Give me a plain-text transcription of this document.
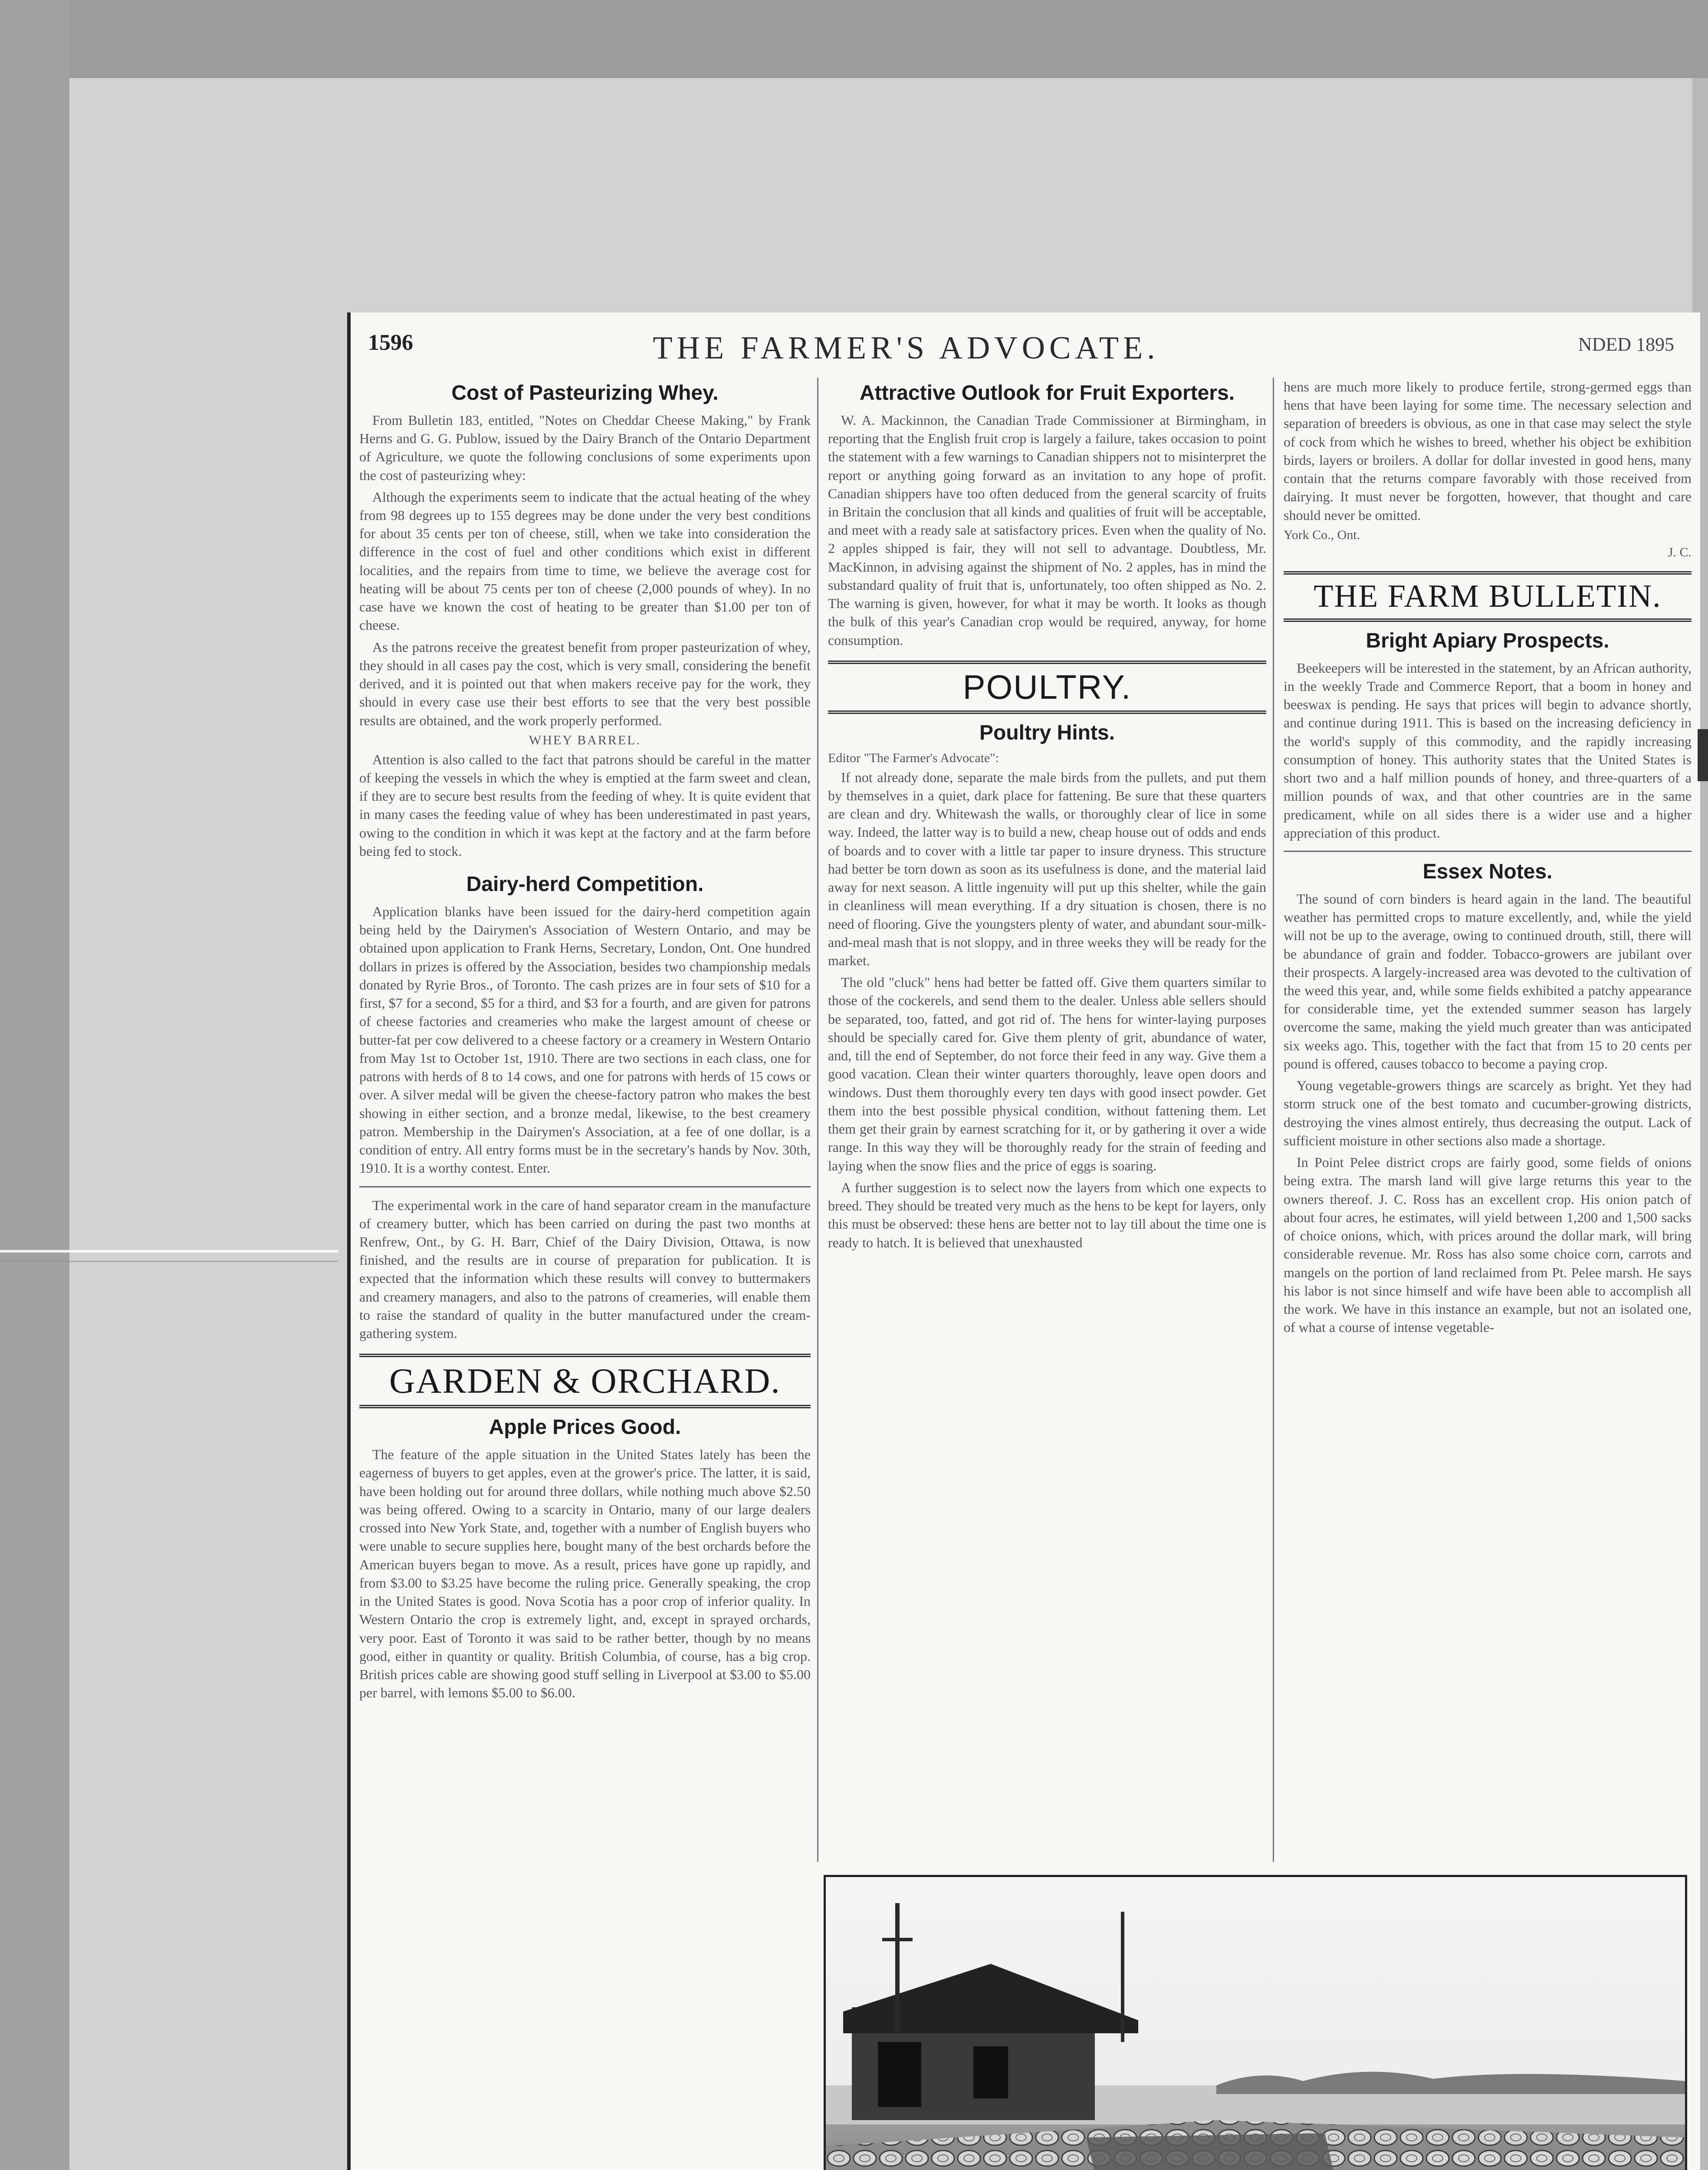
1596	THE FARMER'S ADVOCATE.	NDED 1895
Cost of Pasteurizing Whey.

From Bulletin 183, entitled, "Notes on Cheddar Cheese Making," by Frank Herns and G. G. Publow, issued by the Dairy Branch of the Ontario Department of Agriculture, we quote the following conclusions of some experiments upon the cost of pasteurizing whey:

Although the experiments seem to indicate that the actual heating of the whey from 98 degrees up to 155 degrees may be done under the very best conditions for about 35 cents per ton of cheese, still, when we take into consideration the difference in the cost of fuel and other conditions which exist in different localities, and the repairs from time to time, we believe the average cost for heating will be about 75 cents per ton of cheese (2,000 pounds of whey). In no case have we known the cost of heating to be greater than $1.00 per ton of cheese.

As the patrons receive the greatest benefit from proper pasteurization of whey, they should in all cases pay the cost, which is very small, considering the benefit derived, and it is pointed out that when makers receive pay for the work, they should in every case use their best efforts to see that the very best possible results are obtained, and the work properly performed.

WHEY BARREL.

Attention is also called to the fact that patrons should be careful in the matter of keeping the vessels in which the whey is emptied at the farm sweet and clean, if they are to secure best results from the feeding of whey. It is quite evident that in many cases the feeding value of whey has been underestimated in past years, owing to the condition in which it was kept at the factory and at the farm before being fed to stock.

Dairy-herd Competition.

Application blanks have been issued for the dairy-herd competition again being held by the Dairymen's Association of Western Ontario, and may be obtained upon application to Frank Herns, Secretary, London, Ont. One hundred dollars in prizes is offered by the Association, besides two championship medals donated by Ryrie Bros., of Toronto. The cash prizes are in four sets of $10 for a first, $7 for a second, $5 for a third, and $3 for a fourth, and are given for patrons of cheese factories and creameries who make the largest amount of cheese or butter-fat per cow delivered to a cheese factory or a creamery in Western Ontario from May 1st to October 1st, 1910. There are two sections in each class, one for patrons with herds of 8 to 14 cows, and one for patrons with herds of 15 cows or over. A silver medal will be given the cheese-factory patron who makes the best showing in either section, and a bronze medal, likewise, to the best creamery patron. Membership in the Dairymen's Association, at a fee of one dollar, is a condition of entry. All entry forms must be in the secretary's hands by Nov. 30th, 1910. It is a worthy contest. Enter.

The experimental work in the care of hand separator cream in the manufacture of creamery butter, which has been carried on during the past two months at Renfrew, Ont., by G. H. Barr, Chief of the Dairy Division, Ottawa, is now finished, and the results are in course of preparation for publication. It is expected that the information which these results will convey to buttermakers and creamery managers, and also to the patrons of creameries, will enable them to raise the standard of quality in the butter manufactured under the cream-gathering system.

GARDEN & ORCHARD.
Apple Prices Good.

The feature of the apple situation in the United States lately has been the eagerness of buyers to get apples, even at the grower's price. The latter, it is said, have been holding out for around three dollars, while nothing much above $2.50 was being offered. Owing to a scarcity in Ontario, many of our large dealers crossed into New York State, and, together with a number of English buyers who were unable to secure supplies here, bought many of the best orchards before the American buyers began to move. As a result, prices have gone up rapidly, and from $3.00 to $3.25 have become the ruling price. Generally speaking, the crop in the United States is good. Nova Scotia has a poor crop of inferior quality. In Western Ontario the crop is extremely light, and, except in sprayed orchards, very poor. East of Toronto it was said to be rather better, though by no means good, either in quantity or quality. British Columbia, of course, has a big crop. British prices cable are showing good stuff selling in Liverpool at $3.00 to $5.00 per barrel, with lemons $5.00 to $6.00.

Attractive Outlook for Fruit Exporters.

W. A. Mackinnon, the Canadian Trade Commissioner at Birmingham, in reporting that the English fruit crop is largely a failure, takes occasion to point the statement with a few warnings to Canadian shippers not to misinterpret the report or anything going forward as an invitation to any hope of profit. Canadian shippers have too often deduced from the general scarcity of fruits in Britain the conclusion that all kinds and qualities of fruit will be acceptable, and meet with a ready sale at satisfactory prices. Even when the quality of No. 2 apples shipped is fair, they will not sell to advantage. Doubtless, Mr. MacKinnon, in advising against the shipment of No. 2 apples, has in mind the substandard quality of fruit that is, unfortunately, too often shipped as No. 2. The warning is given, however, for what it may be worth. It looks as though the bulk of this year's Canadian crop would be required, anyway, for home consumption.

POULTRY.
Poultry Hints.
Editor "The Farmer's Advocate":

If not already done, separate the male birds from the pullets, and put them by themselves in a quiet, dark place for fattening. Be sure that these quarters are clean and dry. Whitewash the walls, or thoroughly clear of lice in some way. Indeed, the latter way is to build a new, cheap house out of odds and ends of boards and to cover with a little tar paper to insure dryness. This structure had better be torn down as soon as its usefulness is done, and the material laid away for next season. A little ingenuity will put up this shelter, while the gain in cleanliness will mean everything. If a dry situation is chosen, there is no need of flooring. Give the youngsters plenty of water, and abundant sour-milk-and-meal mash that is not sloppy, and in three weeks they will be ready for the market.

The old "cluck" hens had better be fatted off. Give them quarters similar to those of the cockerels, and send them to the dealer. Unless able sellers should be separated, too, fatted, and got rid of. The hens for winter-laying purposes should be specially cared for. Give them plenty of grit, abundance of water, and, till the end of September, do not force their feed in any way. Give them a good vacation. Clean their winter quarters thoroughly, leave open doors and windows. Dust them thoroughly every ten days with good insect powder. Get them into the best possible physical condition, without fattening them. Let them get their grain by earnest scratching for it, or by gathering it over a wide range. In this way they will be thoroughly ready for the strain of feeding and laying when the snow flies and the price of eggs is soaring.

A further suggestion is to select now the layers from which one expects to breed. They should be treated very much as the hens to be kept for layers, only this must be observed: these hens are better not to lay till about the time one is ready to hatch. It is believed that unexhausted

hens are much more likely to produce fertile, strong-germed eggs than hens that have been laying for some time. The necessary selection and separation of breeders is obvious, as one in that case may select the style of cock from which he wishes to breed, whether his object be exhibition birds, layers or broilers. A dollar for dollar invested in good hens, many contain that the returns compare favorably with those received from dairying. It must never be forgotten, however, that thought and care should never be omitted.

York Co., Ont.
J. C.
THE FARM BULLETIN.
Bright Apiary Prospects.

Beekeepers will be interested in the statement, by an African authority, in the weekly Trade and Commerce Report, that a boom in honey and beeswax is pending. He says that prices will begin to advance shortly, and continue during 1911. This is based on the increasing deficiency in the world's supply of this commodity, and the rapidly increasing consumption of honey. This authority states that the United States is short two and a half million pounds of honey, and three-quarters of a million pounds of wax, and that other countries are in the same predicament, while on all sides there is a wider use and a higher appreciation of this product.

Essex Notes.

The sound of corn binders is heard again in the land. The beautiful weather has permitted crops to mature excellently, and, while the yield will not be up to the average, owing to continued drouth, still, there will be abundance of grain and fodder. Tobacco-growers are jubilant over their prospects. A largely-increased area was devoted to the cultivation of the weed this year, and, while some fields exhibited a patchy appearance for considerable time, yet the extended summer season has largely overcome the same, making the yield much greater than was anticipated six weeks ago. This, together with the fact that from 15 to 20 cents per pound is offered, causes tobacco to become a paying crop.

Young vegetable-growers things are scarcely as bright. Yet they had storm struck one of the best tomato and cucumber-growing districts, destroying the vines almost entirely, thus decreasing the output. Lack of sufficient moisture in other sections also made a shortage.

In Point Pelee district crops are fairly good, some fields of onions being extra. The marsh land will give large returns this year to the owners thereof. J. C. Ross has an excellent crop. His onion patch of about four acres, he estimates, will yield between 1,200 and 1,500 sacks of choice onions, which, with prices around the dollar mark, will bring considerable revenue. Mr. Ross has also some choice corn, carrots and mangels on the portion of land reclaimed from Pt. Pelee marsh. He says his labor is not since himself and wife have been able to accomplish all the work. We have in this instance an example, but not an isolated one, of what a course of intense vegetable-
